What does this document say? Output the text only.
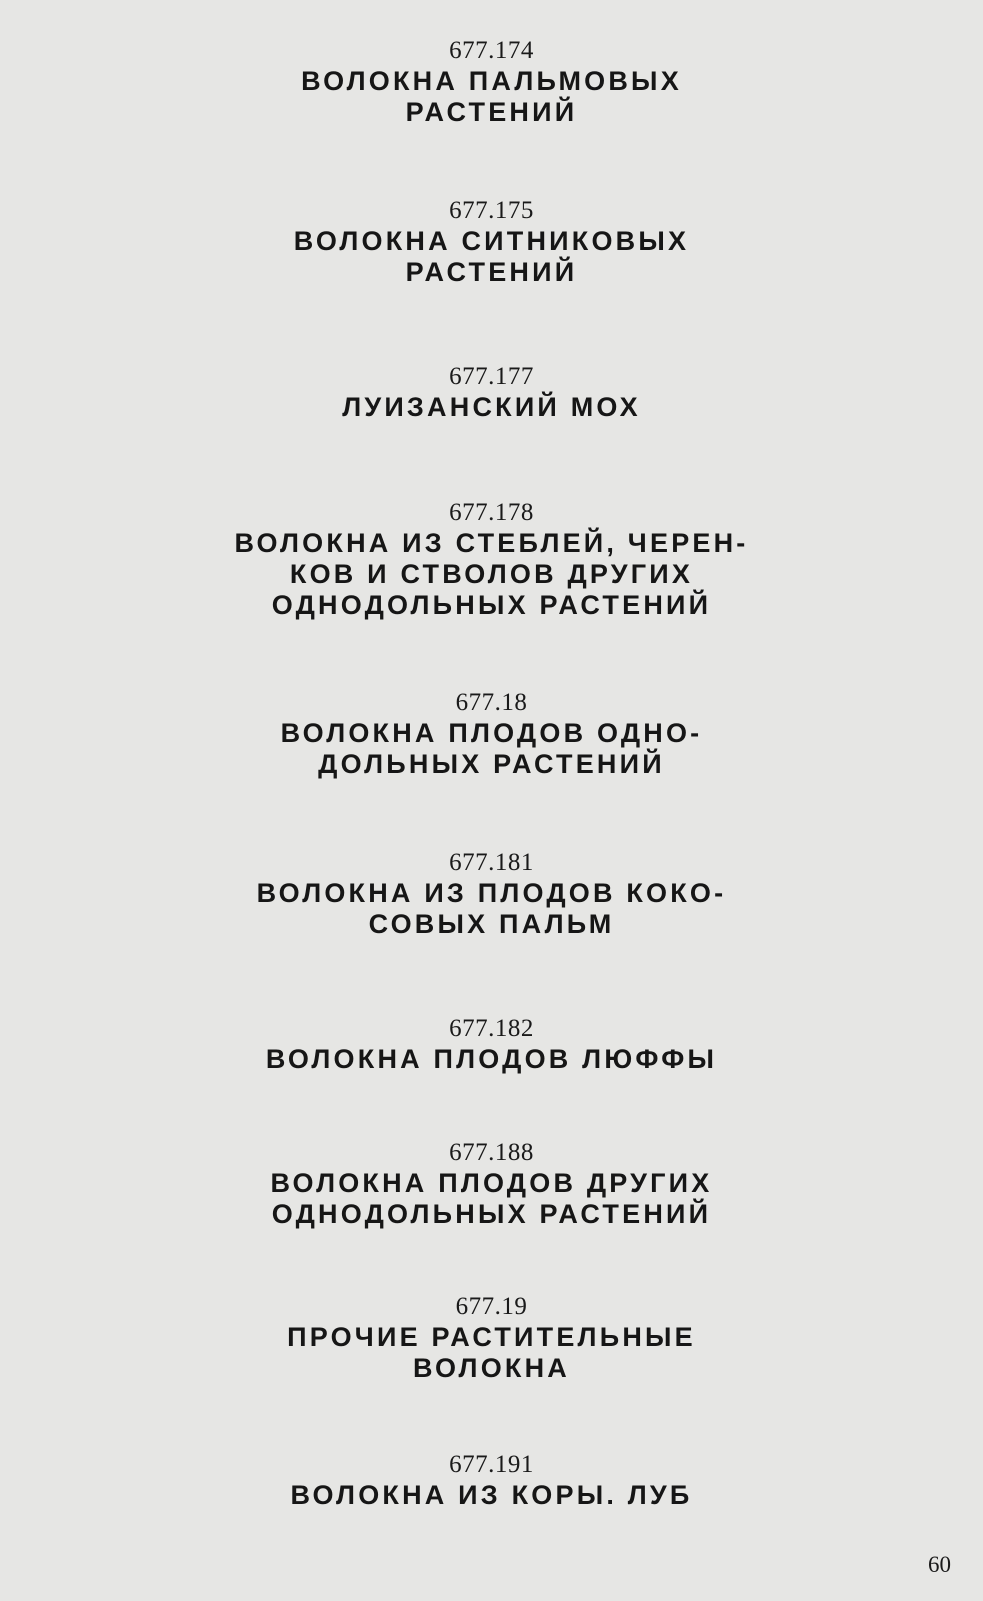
677.174
ВОЛОКНА ПАЛЬМОВЫХ
РАСТЕНИЙ
677.175
ВОЛОКНА СИТНИКОВЫХ
РАСТЕНИЙ
677.177
ЛУИЗАНСКИЙ МОХ
677.178
ВОЛОКНА ИЗ СТЕБЛЕЙ, ЧЕРЕН-
КОВ И СТВОЛОВ ДРУГИХ
ОДНОДОЛЬНЫХ РАСТЕНИЙ
677.18
ВОЛОКНА ПЛОДОВ ОДНО-
ДОЛЬНЫХ РАСТЕНИЙ
677.181
ВОЛОКНА ИЗ ПЛОДОВ КОКО-
СОВЫХ ПАЛЬМ
677.182
ВОЛОКНА ПЛОДОВ ЛЮФФЫ
677.188
ВОЛОКНА ПЛОДОВ ДРУГИХ
ОДНОДОЛЬНЫХ РАСТЕНИЙ
677.19
ПРОЧИЕ РАСТИТЕЛЬНЫЕ
ВОЛОКНА
677.191
ВОЛОКНА ИЗ КОРЫ. ЛУБ
60
